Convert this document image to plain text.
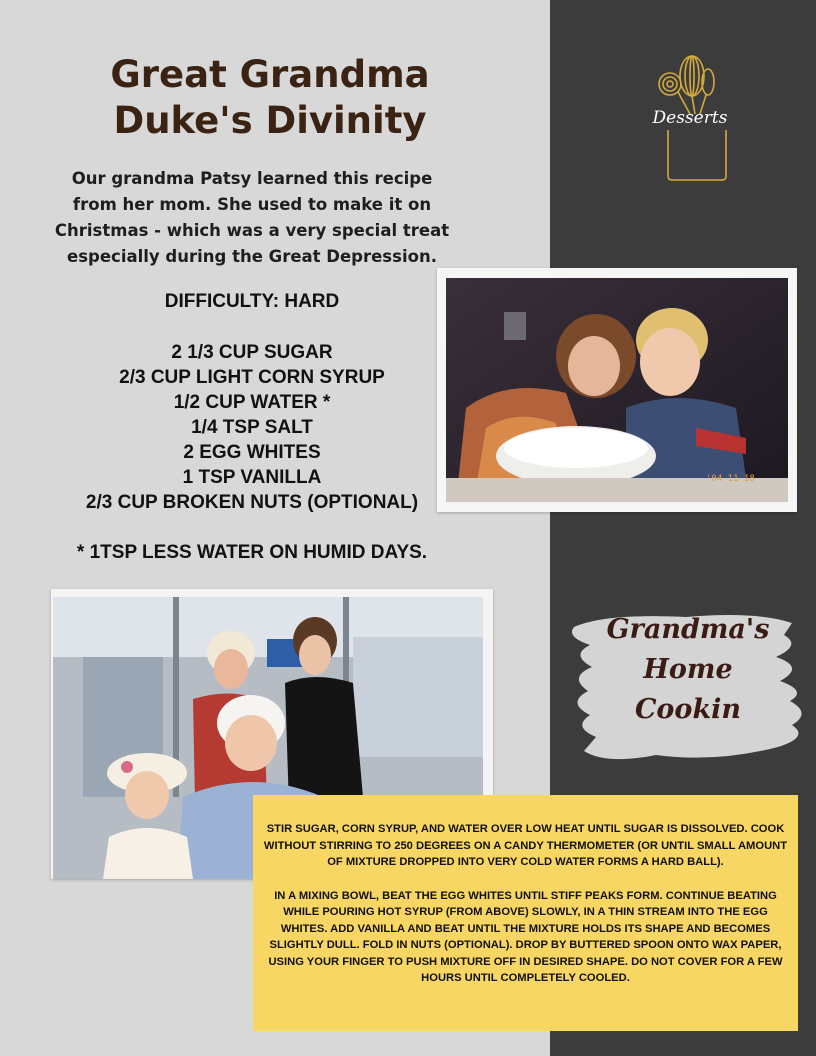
Great Grandma
Duke's Divinity
Our grandma Patsy learned this recipe
from her mom. She used to make it on
Christmas - which was a very special treat
especially during the Great Depression.
DIFFICULTY: HARD
2 1/3 CUP SUGAR
2/3 CUP LIGHT CORN SYRUP
1/2 CUP WATER *
1/4 TSP SALT
2 EGG WHITES
1 TSP VANILLA
2/3 CUP BROKEN NUTS (OPTIONAL)
* 1TSP LESS WATER ON HUMID DAYS.
Desserts
'04 11 18
Grandma's
Home
Cookin

STIR SUGAR, CORN SYRUP, AND WATER OVER LOW HEAT UNTIL SUGAR IS DISSOLVED. COOK WITHOUT STIRRING TO 250 DEGREES ON A CANDY THERMOMETER (OR UNTIL SMALL AMOUNT OF MIXTURE DROPPED INTO VERY COLD WATER FORMS A HARD BALL).

IN A MIXING BOWL, BEAT THE EGG WHITES UNTIL STIFF PEAKS FORM. CONTINUE BEATING WHILE POURING HOT SYRUP (FROM ABOVE) SLOWLY, IN A THIN STREAM INTO THE EGG WHITES. ADD VANILLA AND BEAT UNTIL THE MIXTURE HOLDS ITS SHAPE AND BECOMES SLIGHTLY DULL. FOLD IN NUTS (OPTIONAL). DROP BY BUTTERED SPOON ONTO WAX PAPER, USING YOUR FINGER TO PUSH MIXTURE OFF IN DESIRED SHAPE. DO NOT COVER FOR A FEW HOURS UNTIL COMPLETELY COOLED.
